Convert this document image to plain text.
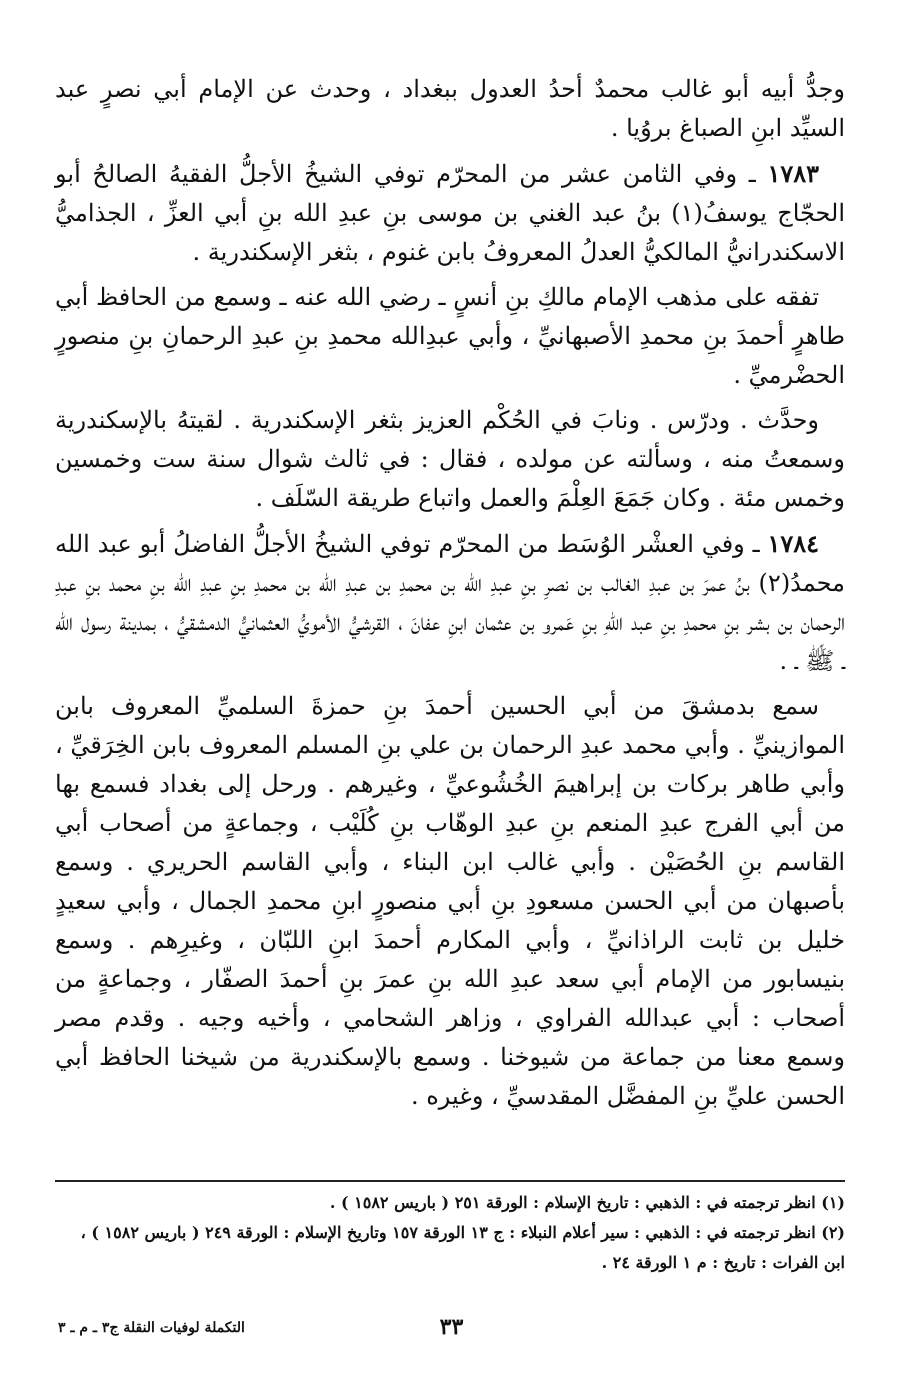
وجدُّ أبيه أبو غالب محمدٌ أحدُ العدول ببغداد ، وحدث عن الإمام أبي نصرٍ عبد السيِّد ابنِ الصباغ بروُيا .

١٧٨٣ ـ وفي الثامن عشر من المحرّم توفي الشيخُ الأجلُّ الفقيهُ الصالحُ أبو الحجّاج يوسفُ(١) بنُ عبد الغني بن موسى بنِ عبدِ الله بنِ أبي العزِّ ، الجذاميُّ الاسكندرانيُّ المالكيُّ العدلُ المعروفُ بابن غنوم ، بثغر الإسكندرية .

تفقه على مذهب الإمام مالكِ بنِ أنسٍ ـ رضي الله عنه ـ وسمع من الحافظ أبي طاهرٍ أحمدَ بنِ محمدِ الأصبهانيِّ ، وأبي عبدِالله محمدِ بنِ عبدِ الرحمانِ بنِ منصورٍ الحضْرميِّ .

وحدَّث . ودرّس . ونابَ في الحُكْم العزيز بثغر الإسكندرية . لقيتهُ بالإسكندرية وسمعتُ منه ، وسألته عن مولده ، فقال : في ثالث شوال سنة ست وخمسين وخمس مئة . وكان جَمَعَ العِلْمَ والعمل واتباع طريقة السّلَف .

١٧٨٤ ـ وفي العشْر الوُسَط من المحرّم توفي الشيخُ الأجلُّ الفاضلُ أبو عبد الله محمدُ(٢) بنُ عمرَ بن عبدِ الغالب بن نصرِ بنِ عبدِ الله بن محمدِ بن عبدِ الله بن محمدِ بنِ عبدِ الله بنِ محمد بنِ عبدِ الرحمان بن بشر بنِ محمدِ بنِ عبد اللهِ بنِ عَمرو بن عثمان ابنِ عفانَ ، القرشيُّ الأمويُّ العثمانيُّ الدمشقيُّ ، بمدينة رسول الله ـ ﷺ ـ .

سمع بدمشقَ من أبي الحسين أحمدَ بنِ حمزةَ السلميِّ المعروف بابن الموازينيِّ . وأبي محمد عبدِ الرحمان بن علي بنِ المسلم المعروف بابن الخِرَقيِّ ، وأبي طاهر بركات بن إبراهيمَ الخُشُوعيِّ ، وغيرهم . ورحل إلى بغداد فسمع بها من أبي الفرج عبدِ المنعم بنِ عبدِ الوهّاب بنِ كُلَيْب ، وجماعةٍ من أصحاب أبي القاسم بنِ الحُصَيْن . وأبي غالب ابن البناء ، وأبي القاسم الحريري . وسمع بأصبهان من أبي الحسن مسعودِ بنِ أبي منصورٍ ابنِ محمدِ الجمال ، وأبي سعيدٍ خليل بن ثابت الراذانيِّ ، وأبي المكارم أحمدَ ابنِ اللبّان ، وغيرِهم . وسمع بنيسابور من الإمام أبي سعد عبدِ الله بنِ عمرَ بنِ أحمدَ الصفّار ، وجماعةٍ من أصحاب : أبي عبدالله الفراوي ، وزاهر الشحامي ، وأخيه وجيه . وقدم مصر وسمع معنا من جماعة من شيوخنا . وسمع بالإسكندرية من شيخنا الحافظ أبي الحسن عليِّ بنِ المفضَّل المقدسيِّ ، وغيره .

(١) انظر ترجمته في : الذهبي : تاريخ الإسلام : الورقة ٢٥١ ( باريس ١٥٨٢ ) .

(٢) انظر ترجمته في : الذهبي : سير أعلام النبلاء : ج ١٣ الورقة ١٥٧ وتاريخ الإسلام : الورقة ٢٤٩ ( باريس ١٥٨٢ ) ، ابن الفرات : تاريخ : م ١ الورقة ٢٤ .

٣٣
التكملة لوفيات النقلة ج٣ ـ م ـ ٣
